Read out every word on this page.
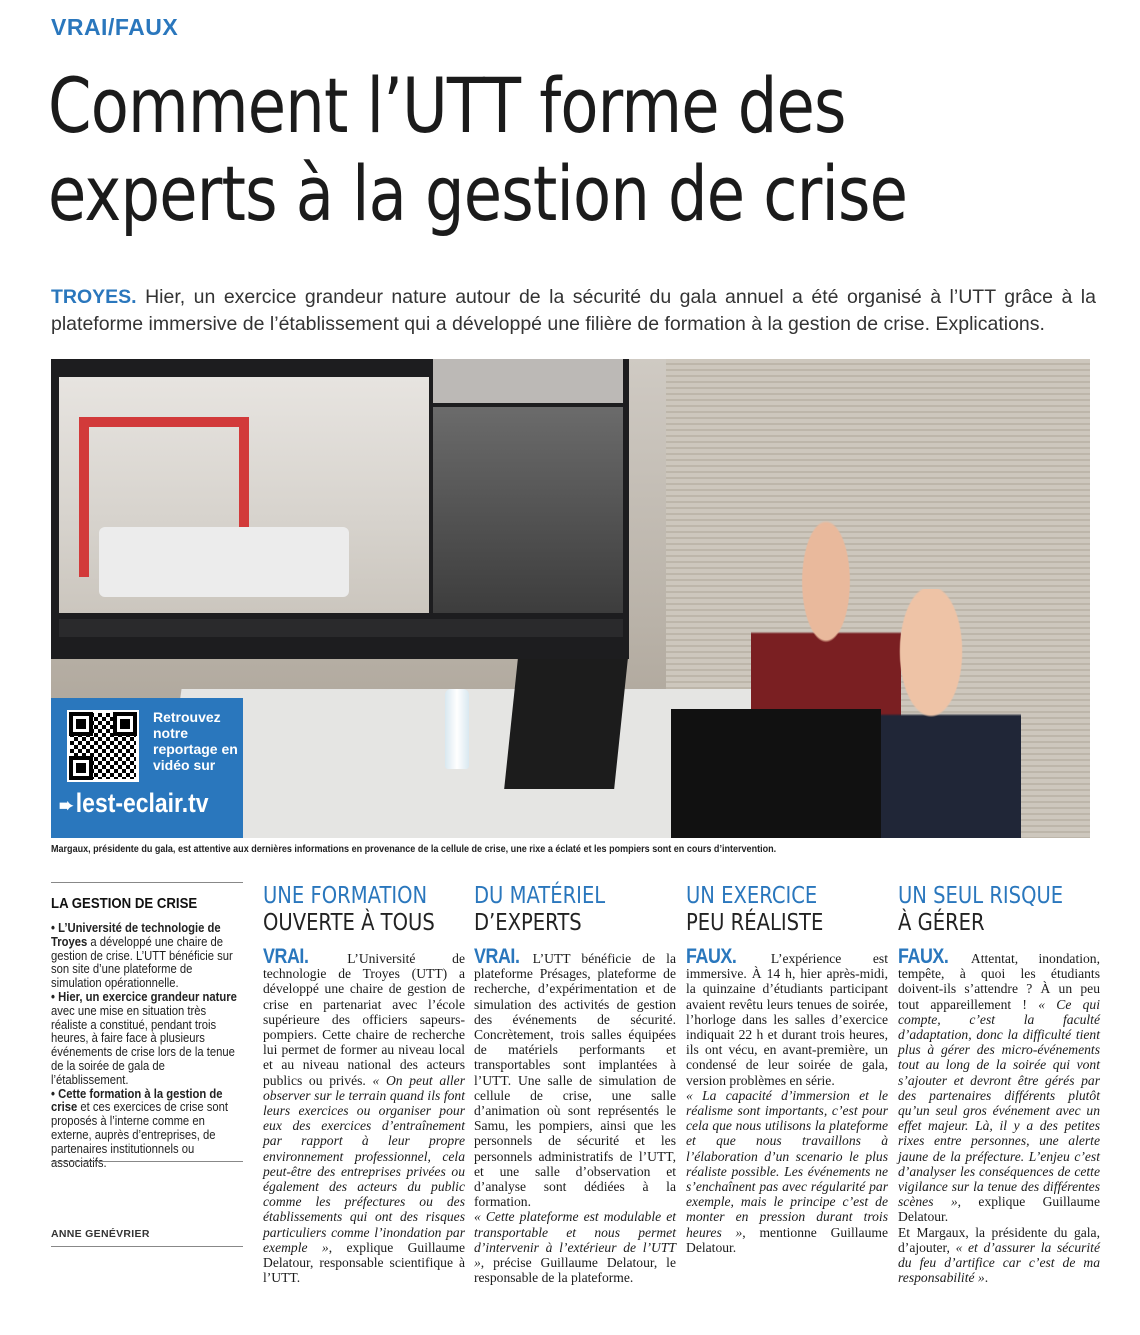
VRAI/FAUX
Comment l’UTT forme des
experts à la gestion de crise
TROYES. Hier, un exercice grandeur nature autour de la sécurité du gala annuel a été organisé à l’UTT grâce à la plateforme immersive de l’établissement qui a développé une filière de formation à la gestion de crise. Explications.
Retrouvez notre reportage en vidéo sur
➨lest-eclair.tv
Margaux, présidente du gala, est attentive aux dernières informations en provenance de la cellule de crise, une rixe a éclaté et les pompiers sont en cours d’intervention.
LA GESTION DE CRISE

• L’Université de technologie de Troyes a développé une chaire de gestion de crise. L’UTT bénéficie sur son site d’une plateforme de simulation opérationnelle.

• Hier, un exercice grandeur nature avec une mise en situation très réaliste a constitué, pendant trois heures, à faire face à plusieurs événements de crise lors de la tenue de la soirée de gala de l’établissement.

• Cette formation à la gestion de crise et ces exercices de crise sont proposés à l’interne comme en externe, auprès d’entreprises, de partenaires institutionnels ou associatifs.

ANNE GENÉVRIER
UNE FORMATION
OUVERTE À TOUS

VRAI. L’Université de technologie de Troyes (UTT) a développé une chaire de gestion de crise en partenariat avec l’école supérieure des officiers sapeurs-pompiers. Cette chaire de recherche lui permet de former au niveau local et au niveau national des acteurs publics ou privés. « On peut aller observer sur le terrain quand ils font leurs exercices ou organiser pour eux des exercices d’entraînement par rapport à leur propre environnement professionnel, cela peut-être des entreprises privées ou également des acteurs du public comme les préfectures ou des établissements qui ont des risques particuliers comme l’inondation par exemple », explique Guillaume Delatour, responsable scientifique à l’UTT.

DU MATÉRIEL
D’EXPERTS

VRAI. L’UTT bénéficie de la plateforme Présages, plateforme de recherche, d’expérimentation et de simulation des activités de gestion des événements de sécurité. Concrètement, trois salles équipées de matériels performants et transportables sont implantées à l’UTT. Une salle de simulation de cellule de crise, une salle d’animation où sont représentés le Samu, les pompiers, ainsi que les personnels de sécurité et les personnels administratifs de l’UTT, et une salle d’observation et d’analyse sont dédiées à la formation.

« Cette plateforme est modulable et transportable et nous permet d’intervenir à l’extérieur de l’UTT », précise Guillaume Delatour, le responsable de la plateforme.

UN EXERCICE
PEU RÉALISTE

FAUX. L’expérience est immersive. À 14 h, hier après-midi, la quinzaine d’étudiants participant avaient revêtu leurs tenues de soirée, l’horloge dans les salles d’exercice indiquait 22 h et durant trois heures, ils ont vécu, en avant-première, un condensé de leur soirée de gala, version problèmes en série.

« La capacité d’immersion et le réalisme sont importants, c’est pour cela que nous utilisons la plateforme et que nous travaillons à l’élaboration d’un scenario le plus réaliste possible. Les événements ne s’enchaînent pas avec régularité par exemple, mais le principe c’est de monter en pression durant trois heures », mentionne Guillaume Delatour.

UN SEUL RISQUE
À GÉRER

FAUX. Attentat, inondation, tempête, à quoi les étudiants doivent-ils s’attendre ? À un peu tout appareillement ! « Ce qui compte, c’est la faculté d’adaptation, donc la difficulté tient plus à gérer des micro-événements tout au long de la soirée qui vont s’ajouter et devront être gérés par des partenaires différents plutôt qu’un seul gros événement avec un effet majeur. Là, il y a des petites rixes entre personnes, une alerte jaune de la préfecture. L’enjeu c’est d’analyser les conséquences de cette vigilance sur la tenue des différentes scènes », explique Guillaume Delatour.

Et Margaux, la présidente du gala, d’ajouter, « et d’assurer la sécurité du feu d’artifice car c’est de ma responsabilité ».
